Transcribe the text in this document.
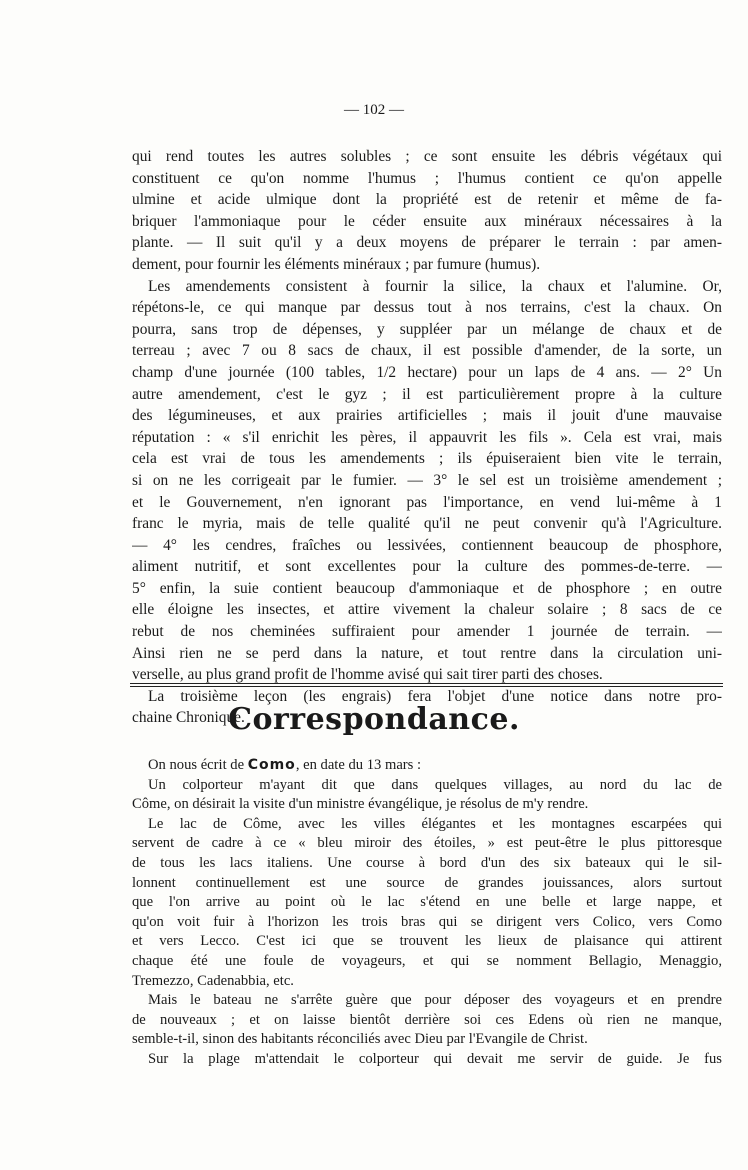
— 102 —
qui rend toutes les autres solubles ; ce sont ensuite les débris végétaux qui
constituent ce qu'on nomme l'humus ; l'humus contient ce qu'on appelle
ulmine et acide ulmique dont la propriété est de retenir et même de fa-
briquer l'ammoniaque pour le céder ensuite aux minéraux nécessaires à la
plante. — Il suit qu'il y a deux moyens de préparer le terrain : par amen-
dement, pour fournir les éléments minéraux ; par fumure (humus).
Les amendements consistent à fournir la silice, la chaux et l'alumine. Or,
répétons-le, ce qui manque par dessus tout à nos terrains, c'est la chaux. On
pourra, sans trop de dépenses, y suppléer par un mélange de chaux et de
terreau ; avec 7 ou 8 sacs de chaux, il est possible d'amender, de la sorte, un
champ d'une journée (100 tables, 1/2 hectare) pour un laps de 4 ans. — 2° Un
autre amendement, c'est le gyz ; il est particulièrement propre à la culture
des légumineuses, et aux prairies artificielles ; mais il jouit d'une mauvaise
réputation : « s'il enrichit les pères, il appauvrit les fils ». Cela est vrai, mais
cela est vrai de tous les amendements ; ils épuiseraient bien vite le terrain,
si on ne les corrigeait par le fumier. — 3° le sel est un troisième amendement ;
et le Gouvernement, n'en ignorant pas l'importance, en vend lui-même à 1
franc le myria, mais de telle qualité qu'il ne peut convenir qu'à l'Agriculture.
— 4° les cendres, fraîches ou lessivées, contiennent beaucoup de phosphore,
aliment nutritif, et sont excellentes pour la culture des pommes-de-terre. —
5° enfin, la suie contient beaucoup d'ammoniaque et de phosphore ; en outre
elle éloigne les insectes, et attire vivement la chaleur solaire ; 8 sacs de ce
rebut de nos cheminées suffiraient pour amender 1 journée de terrain. —
Ainsi rien ne se perd dans la nature, et tout rentre dans la circulation uni-
verselle, au plus grand profit de l'homme avisé qui sait tirer parti des choses.
La troisième leçon (les engrais) fera l'objet d'une notice dans notre pro-
chaine Chronique.
Correspondance.
On nous écrit de Como, en date du 13 mars :
Un colporteur m'ayant dit que dans quelques villages, au nord du lac de
Côme, on désirait la visite d'un ministre évangélique, je résolus de m'y rendre.
Le lac de Côme, avec les villes élégantes et les montagnes escarpées qui
servent de cadre à ce « bleu miroir des étoiles, » est peut-être le plus pittoresque
de tous les lacs italiens. Une course à bord d'un des six bateaux qui le sil-
lonnent continuellement est une source de grandes jouissances, alors surtout
que l'on arrive au point où le lac s'étend en une belle et large nappe, et
qu'on voit fuir à l'horizon les trois bras qui se dirigent vers Colico, vers Como
et vers Lecco. C'est ici que se trouvent les lieux de plaisance qui attirent
chaque été une foule de voyageurs, et qui se nomment Bellagio, Menaggio,
Tremezzo, Cadenabbia, etc.
Mais le bateau ne s'arrête guère que pour déposer des voyageurs et en prendre
de nouveaux ; et on laisse bientôt derrière soi ces Edens où rien ne manque,
semble-t-il, sinon des habitants réconciliés avec Dieu par l'Evangile de Christ.
Sur la plage m'attendait le colporteur qui devait me servir de guide. Je fus
